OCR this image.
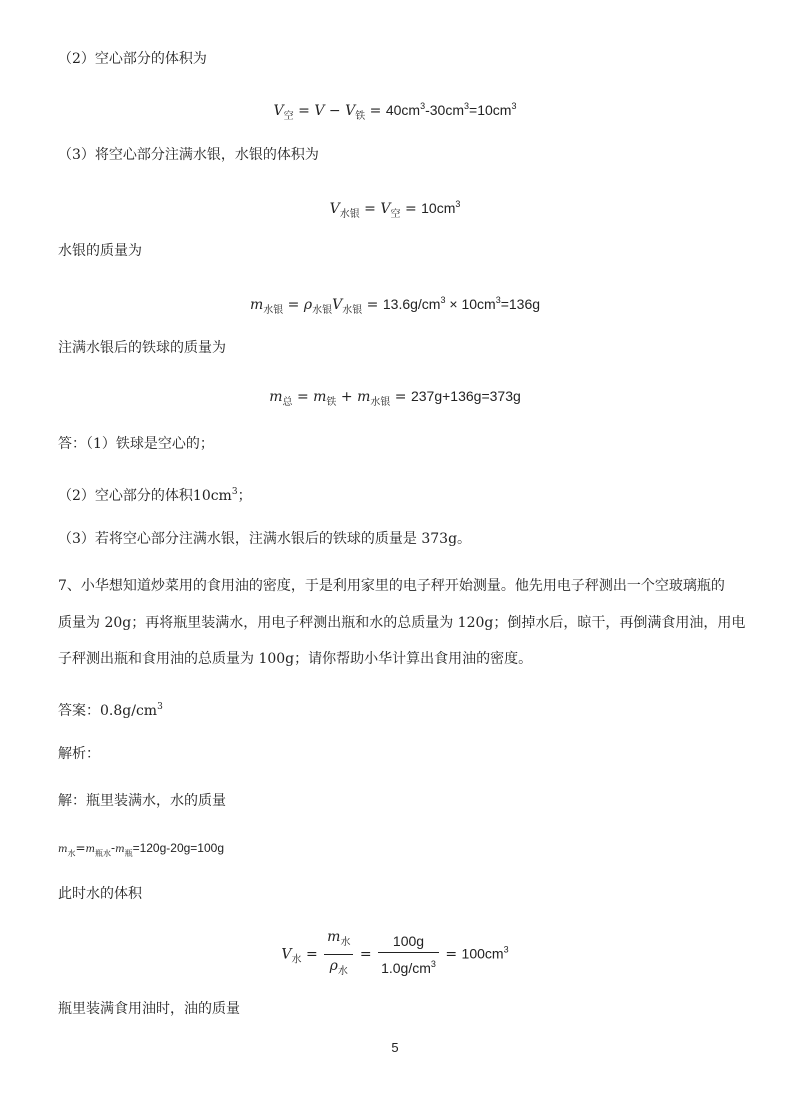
（2）空心部分的体积为
$V_空 = V - V_铁 = 40cm^3-30cm^3=10cm^3$
（3）将空心部分注满水银，水银的体积为
$V_{水银} = V_空 = 10cm^3$
水银的质量为
$m_{水银} = \rho_{水银}V_{水银} = 13.6g/cm^3 \times 10cm^3=136g$
注满水银后的铁球的质量为
$m_总 = m_铁 + m_{水银} = 237g+136g=373g$
答：（1）铁球是空心的；
（2）空心部分的体积$10cm^3$；
（3）若将空心部分注满水银，注满水银后的铁球的质量是 373g。
7、小华想知道炒菜用的食用油的密度，于是利用家里的电子秤开始测量。他先用电子秤测出一个空玻璃瓶的
质量为 20g；再将瓶里装满水，用电子秤测出瓶和水的总质量为 120g；倒掉水后，晾干，再倒满食用油，用电
子秤测出瓶和食用油的总质量为 100g；请你帮助小华计算出食用油的密度。
答案：$0.8g/cm^3$
解析：
解：瓶里装满水，水的质量
$m_水=m_{瓶水}-m_瓶=120g-20g=100g$
此时水的体积
$V_水 = \frac{m_水}{\rho_水} = \frac{100g}{1.0g/cm^3} = 100cm^3$
瓶里装满食用油时，油的质量
5
